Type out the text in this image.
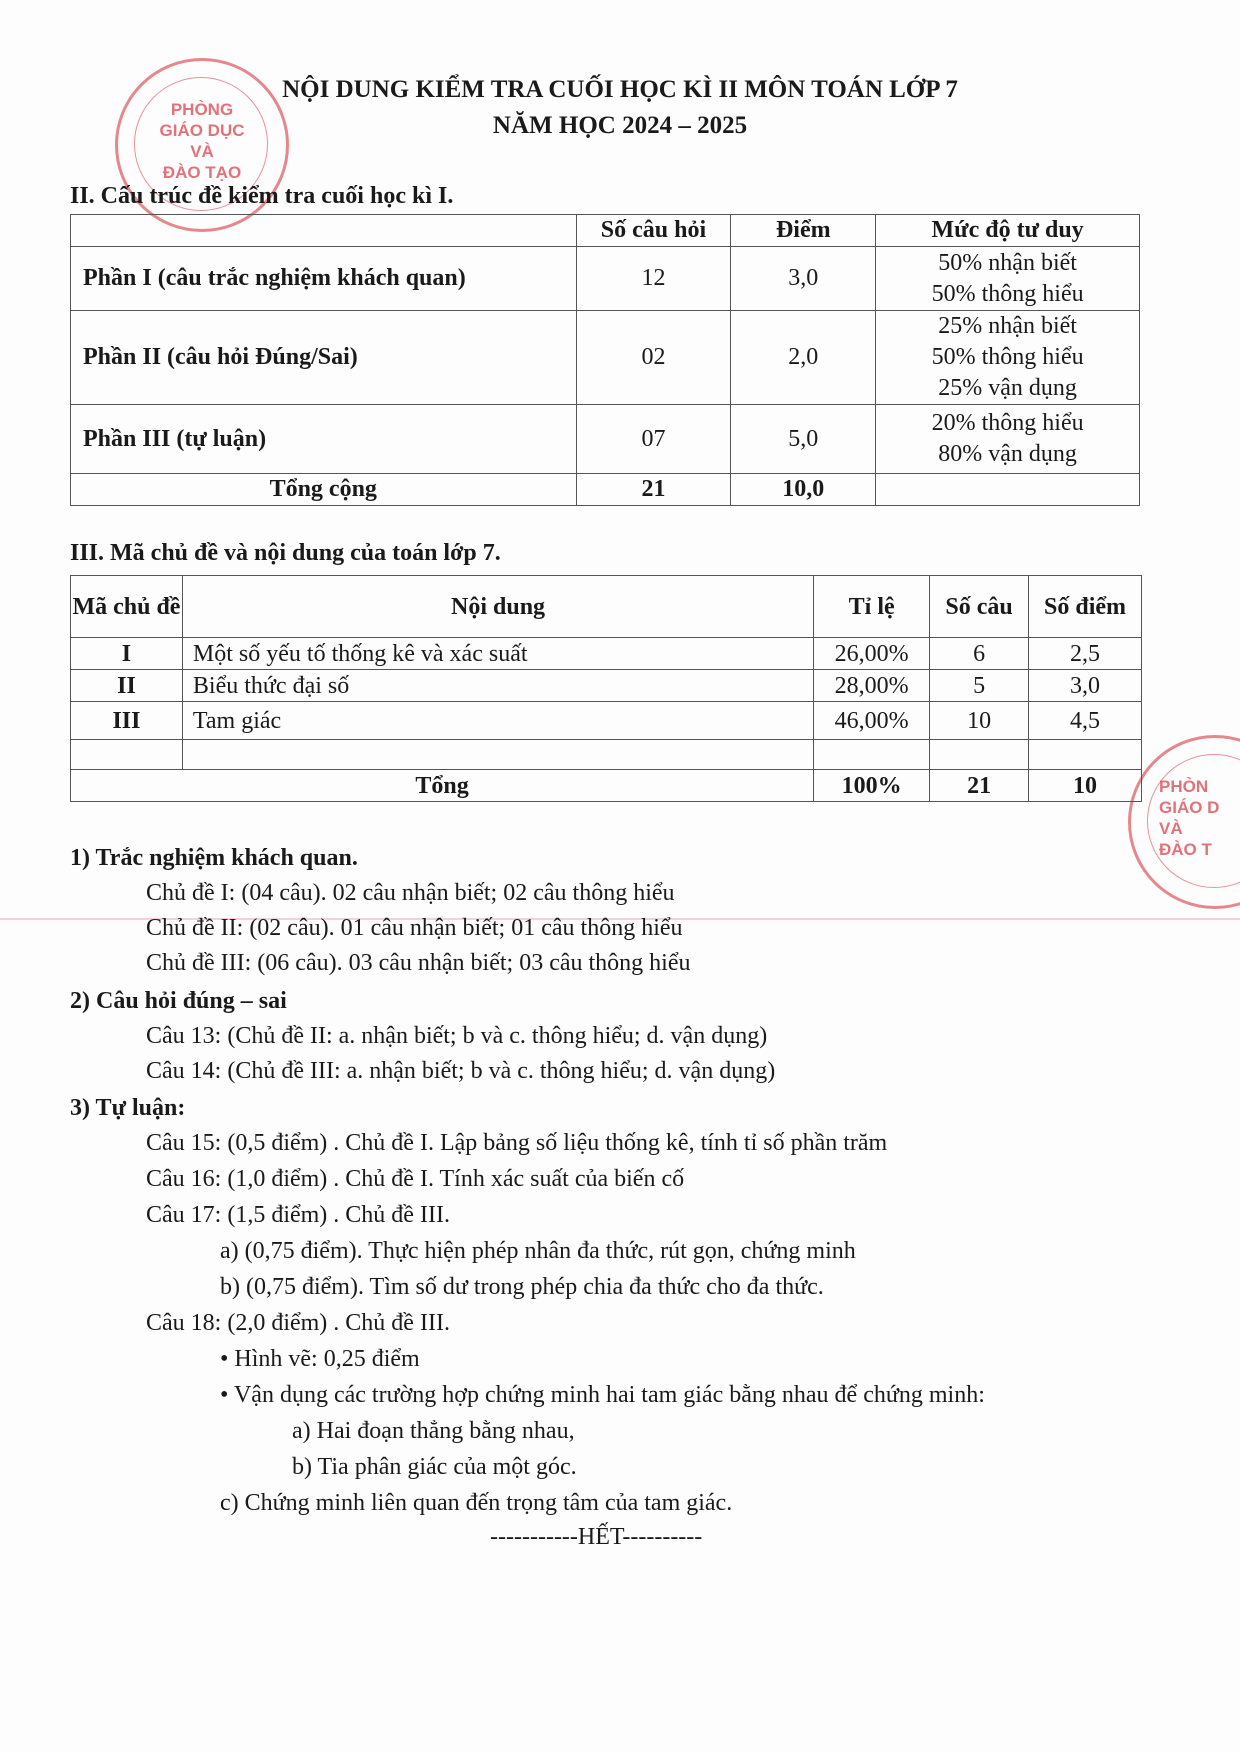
PHÒNG
GIÁO DỤC
VÀ
ĐÀO TẠO
PHÒN
GIÁO D
VÀ
ĐÀO T
NỘI DUNG KIỂM TRA CUỐI HỌC KÌ II MÔN TOÁN LỚP 7
NĂM HỌC 2024 – 2025
II. Cấu trúc đề kiểm tra cuối học kì I.
	Số câu hỏi	Điểm	Mức độ tư duy
Phần I (câu trắc nghiệm khách quan)	12	3,0	50% nhận biết
50% thông hiểu

Phần II (câu hỏi Đúng/Sai)	02	2,0	25% nhận biết
50% thông hiểu
25% vận dụng

Phần III (tự luận)	07	5,0	20% thông hiểu
80% vận dụng

Tổng cộng	21	10,0	
III. Mã chủ đề và nội dung của toán lớp 7.
Mã chủ đề	Nội dung	Tỉ lệ	Số câu	Số điểm
I	Một số yếu tố thống kê và xác suất	26,00%	6	2,5
II	Biểu thức đại số	28,00%	5	3,0
III	Tam giác	46,00%	10	4,5

Tổng		100%	21	10
1) Trắc nghiệm khách quan.
Chủ đề I: (04 câu). 02 câu nhận biết; 02 câu thông hiểu
Chủ đề II: (02 câu). 01 câu nhận biết; 01 câu thông hiểu
Chủ đề III: (06 câu). 03 câu nhận biết; 03 câu thông hiểu
2) Câu hỏi đúng – sai
Câu 13: (Chủ đề II: a. nhận biết; b và c. thông hiểu; d. vận dụng)
Câu 14: (Chủ đề III: a. nhận biết; b và c. thông hiểu; d. vận dụng)
3) Tự luận:
Câu 15: (0,5 điểm) . Chủ đề I. Lập bảng số liệu thống kê, tính tỉ số phần trăm
Câu 16: (1,0 điểm) . Chủ đề I. Tính xác suất của biến cố
Câu 17: (1,5 điểm) . Chủ đề III.
a) (0,75 điểm). Thực hiện phép nhân đa thức, rút gọn, chứng minh
b) (0,75 điểm). Tìm số dư trong phép chia đa thức cho đa thức.
Câu 18: (2,0 điểm) . Chủ đề III.
• Hình vẽ: 0,25 điểm
• Vận dụng các trường hợp chứng minh hai tam giác bằng nhau để chứng minh:
a) Hai đoạn thẳng bằng nhau,
b) Tia phân giác của một góc.
c) Chứng minh liên quan đến trọng tâm của tam giác.
-----------HẾT----------
